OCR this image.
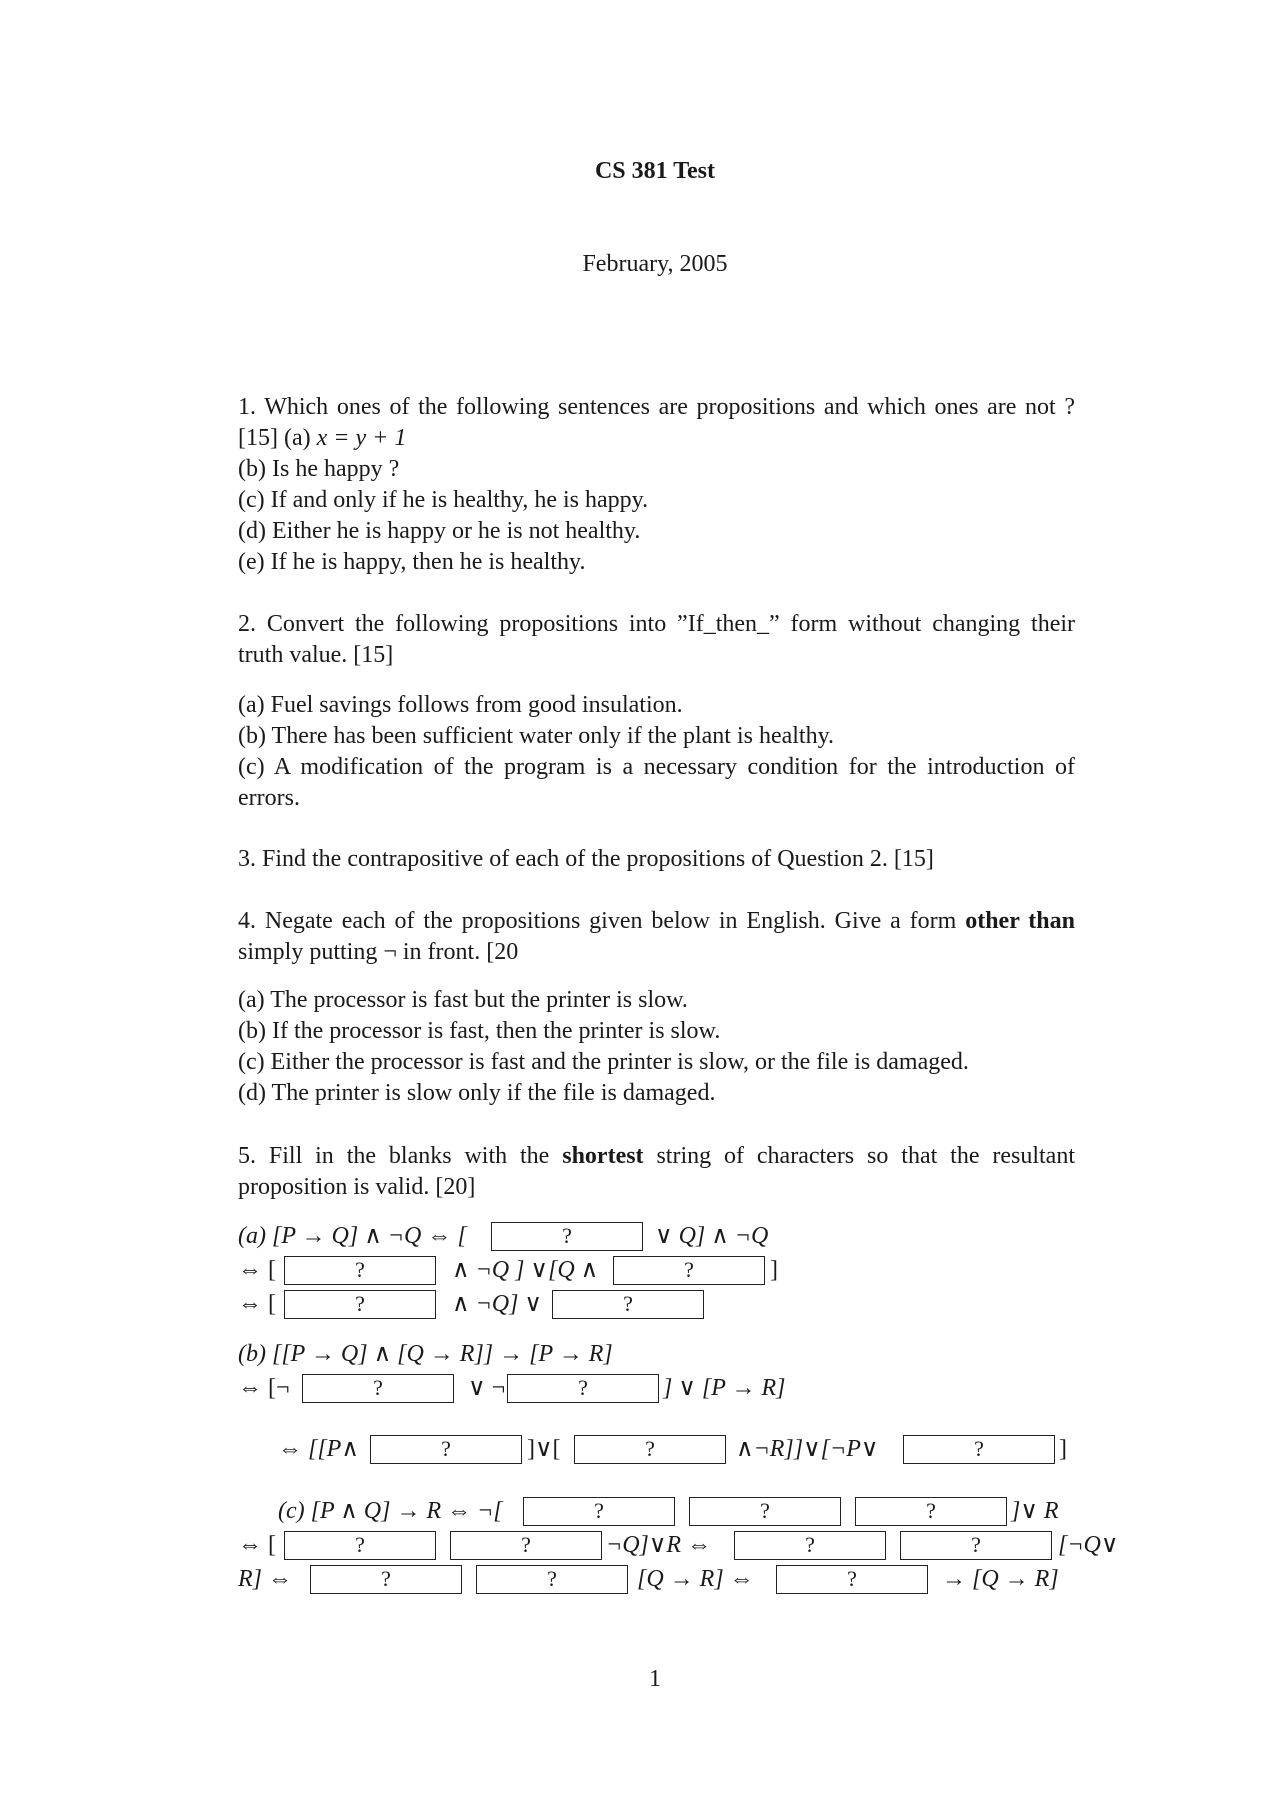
CS 381 Test
February, 2005
1. Which ones of the following sentences are propositions and which ones are not ? [15] (a) x = y + 1
(b) Is he happy ?
(c) If and only if he is healthy, he is happy.
(d) Either he is happy or he is not healthy.
(e) If he is happy, then he is healthy.
2. Convert the following propositions into ”If_then_” form without changing their truth value. [15]
(a) Fuel savings follows from good insulation.
(b) There has been sufficient water only if the plant is healthy.
(c) A modification of the program is a necessary condition for the introduction of errors.
3. Find the contrapositive of each of the propositions of Question 2. [15]
4. Negate each of the propositions given below in English. Give a form other than simply putting ¬ in front. [20
(a) The processor is fast but the printer is slow.
(b) If the processor is fast, then the printer is slow.
(c) Either the processor is fast and the printer is slow, or the file is damaged.
(d) The printer is slow only if the file is damaged.
5. Fill in the blanks with the shortest string of characters so that the resultant proposition is valid. [20]
(a) [P → Q] ∧ ¬Q ⇔ [	?	∨ Q] ∧ ¬Q
⇔ [	?	∧ ¬Q ] ∨[Q ∧	?	]
⇔ [	?	∧ ¬Q] ∨	?
(b) [[P → Q] ∧ [Q → R]] → [P → R]
⇔ [¬	?	∨ ¬	?	] ∨ [P → R]
⇔ [[P∧	?	]∨[	?	∧¬R]]∨[¬P∨	?	]
(c) [P ∧ Q] → R ⇔ ¬[	?	?	?	]∨ R
⇔ [	?	?	¬Q]∨R ⇔	?	?	[¬Q∨
R] ⇔	?	?	[Q → R] ⇔	?	→ [Q → R]
1
